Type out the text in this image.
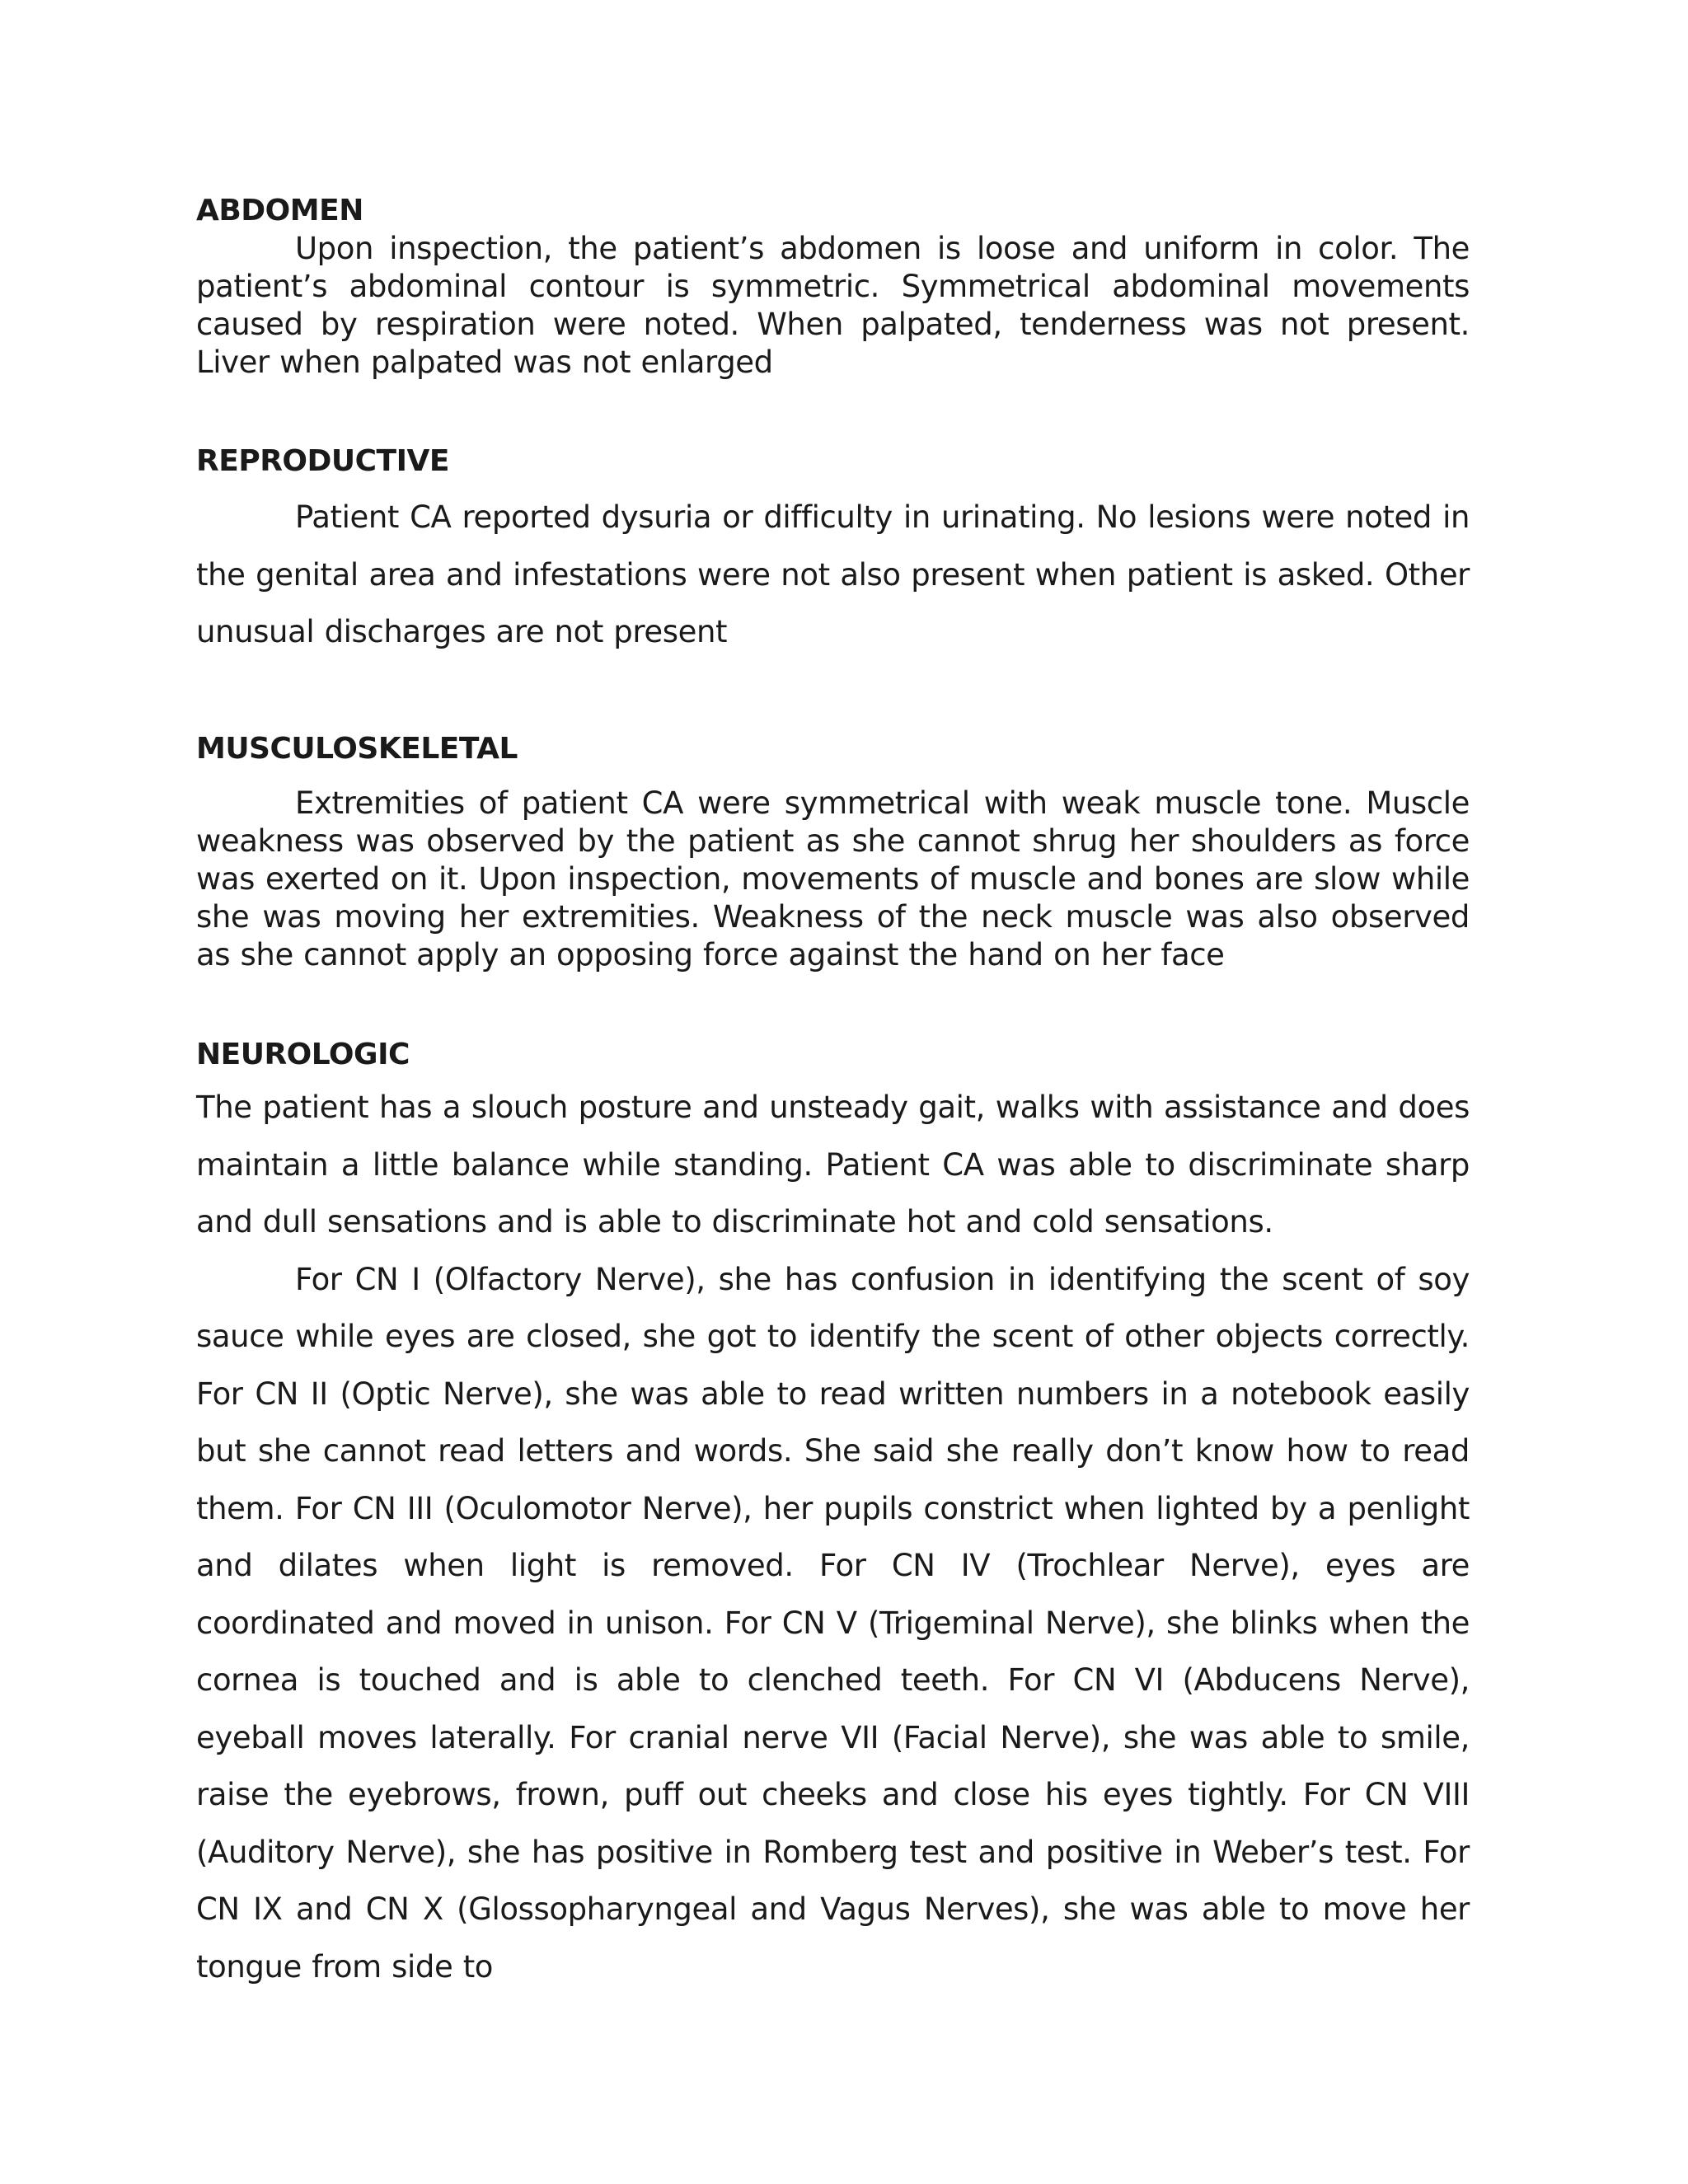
ABDOMEN

Upon inspection, the patient’s abdomen is loose and uniform in color. The patient’s abdominal contour is symmetric. Symmetrical abdominal movements caused by respiration were noted. When palpated, tenderness was not present. Liver when palpated was not enlarged

REPRODUCTIVE

Patient CA reported dysuria or difficulty in urinating. No lesions were noted in the genital area and infestations were not also present when patient is asked. Other unusual discharges are not present

MUSCULOSKELETAL

Extremities of patient CA were symmetrical with weak muscle tone. Muscle weakness was observed by the patient as she cannot shrug her shoulders as force was exerted on it. Upon inspection, movements of muscle and bones are slow while she was moving her extremities. Weakness of the neck muscle was also observed as she cannot apply an opposing force against the hand on her face

NEUROLOGIC

The patient has a slouch posture and unsteady gait, walks with assistance and does maintain a little balance while standing. Patient CA was able to discriminate sharp and dull sensations and is able to discriminate hot and cold sensations.

For CN I (Olfactory Nerve), she has confusion in identifying the scent of soy sauce while eyes are closed, she got to identify the scent of other objects correctly. For CN II (Optic Nerve), she was able to read written numbers in a notebook easily but she cannot read letters and words. She said she really don’t know how to read them. For CN III (Oculomotor Nerve), her pupils constrict when lighted by a penlight and dilates when light is removed. For CN IV (Trochlear Nerve), eyes are coordinated and moved in unison. For CN V (Trigeminal Nerve), she blinks when the cornea is touched and is able to clenched teeth. For CN VI (Abducens Nerve), eyeball moves laterally. For cranial nerve VII (Facial Nerve), she was able to smile, raise the eyebrows, frown, puff out cheeks and close his eyes tightly. For CN VIII (Auditory Nerve), she has positive in Romberg test and positive in Weber’s test. For CN IX and CN X (Glossopharyngeal and Vagus Nerves), she was able to move her tongue from side to
